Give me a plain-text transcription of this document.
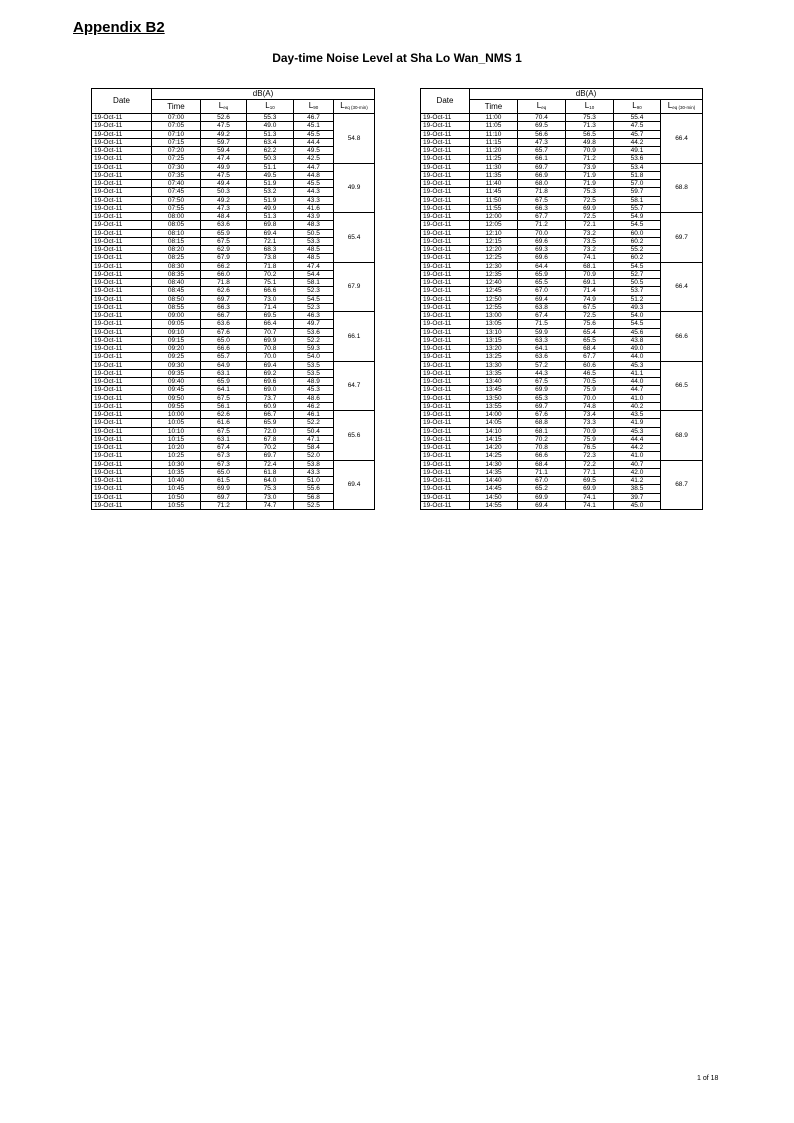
Appendix B2
Day-time Noise Level at Sha Lo Wan_NMS 1
Date	dB(A)				
	Time	$L_{eq}$	$L_{10}$	$L_{90}$	$L_{eq (30-min)}$
19-Oct-11	07:00	52.6	55.3	46.7	54.8
19-Oct-11	07:05	47.5	49.0	45.1	
19-Oct-11	07:10	49.2	51.3	45.5	
19-Oct-11	07:15	59.7	63.4	44.4	
19-Oct-11	07:20	59.4	62.2	49.5	
19-Oct-11	07:25	47.4	50.3	42.5	
19-Oct-11	07:30	49.9	51.1	44.7	49.9
19-Oct-11	07:35	47.5	49.5	44.8	
19-Oct-11	07:40	49.4	51.9	45.5	
19-Oct-11	07:45	50.3	53.2	44.3	
19-Oct-11	07:50	49.2	51.9	43.3	
19-Oct-11	07:55	47.3	49.9	41.6	
19-Oct-11	08:00	48.4	51.3	43.9	65.4
19-Oct-11	08:05	63.6	69.8	48.3	
19-Oct-11	08:10	65.9	69.4	50.5	
19-Oct-11	08:15	67.5	72.1	53.3	
19-Oct-11	08:20	62.9	68.3	48.5	
19-Oct-11	08:25	67.9	73.8	48.5	
19-Oct-11	08:30	66.2	71.8	47.4	67.9
19-Oct-11	08:35	66.0	70.2	54.4	
19-Oct-11	08:40	71.8	75.1	58.1	
19-Oct-11	08:45	62.6	66.6	52.3	
19-Oct-11	08:50	69.7	73.0	54.5	
19-Oct-11	08:55	66.3	71.4	52.3	
19-Oct-11	09:00	66.7	69.5	46.3	66.1
19-Oct-11	09:05	63.6	66.4	49.7	
19-Oct-11	09:10	67.6	70.7	53.6	
19-Oct-11	09:15	65.0	69.9	52.2	
19-Oct-11	09:20	66.6	70.8	59.3	
19-Oct-11	09:25	65.7	70.0	54.0	
19-Oct-11	09:30	64.9	69.4	53.5	64.7
19-Oct-11	09:35	63.1	69.2	53.5	
19-Oct-11	09:40	65.9	69.6	48.9	
19-Oct-11	09:45	64.1	69.0	45.3	
19-Oct-11	09:50	67.5	73.7	48.6	
19-Oct-11	09:55	56.1	60.9	46.2	
19-Oct-11	10:00	62.6	66.7	46.1	65.6
19-Oct-11	10:05	61.6	65.9	52.2	
19-Oct-11	10:10	67.5	72.0	50.4	
19-Oct-11	10:15	63.1	67.8	47.1	
19-Oct-11	10:20	67.4	70.2	58.4	
19-Oct-11	10:25	67.3	69.7	52.0	
19-Oct-11	10:30	67.3	72.4	53.8	69.4
19-Oct-11	10:35	65.0	61.8	43.3	
19-Oct-11	10:40	61.5	64.0	51.0	
19-Oct-11	10:45	69.9	75.3	55.6	
19-Oct-11	10:50	69.7	73.0	56.8	
19-Oct-11	10:55	71.2	74.7	52.5	
Date	dB(A)				
	Time	$L_{eq}$	$L_{10}$	$L_{90}$	$L_{eq (30-min)}$
19-Oct-11	11:00	70.4	75.3	55.4	66.4
19-Oct-11	11:05	69.5	71.3	47.5	
19-Oct-11	11:10	56.6	56.5	45.7	
19-Oct-11	11:15	47.3	49.8	44.2	
19-Oct-11	11:20	65.7	70.9	49.1	
19-Oct-11	11:25	66.1	71.2	53.6	
19-Oct-11	11:30	69.7	73.9	53.4	68.8
19-Oct-11	11:35	66.9	71.9	51.8	
19-Oct-11	11:40	68.0	71.9	57.0	
19-Oct-11	11:45	71.8	75.3	59.7	
19-Oct-11	11:50	67.5	72.5	58.1	
19-Oct-11	11:55	66.3	69.9	55.7	
19-Oct-11	12:00	67.7	72.5	54.9	69.7
19-Oct-11	12:05	71.2	72.1	54.5	
19-Oct-11	12:10	70.0	73.2	60.0	
19-Oct-11	12:15	69.6	73.5	60.2	
19-Oct-11	12:20	69.3	73.2	55.2	
19-Oct-11	12:25	69.6	74.1	60.2	
19-Oct-11	12:30	64.4	68.1	54.5	66.4
19-Oct-11	12:35	65.9	70.9	52.7	
19-Oct-11	12:40	65.5	69.1	50.5	
19-Oct-11	12:45	67.0	71.4	53.7	
19-Oct-11	12:50	69.4	74.9	51.2	
19-Oct-11	12:55	63.8	67.5	49.3	
19-Oct-11	13:00	67.4	72.5	54.0	66.6
19-Oct-11	13:05	71.5	75.6	54.5	
19-Oct-11	13:10	59.9	65.4	45.6	
19-Oct-11	13:15	63.3	65.5	43.8	
19-Oct-11	13:20	64.1	68.4	49.0	
19-Oct-11	13:25	63.6	67.7	44.0	
19-Oct-11	13:30	57.2	60.6	45.3	66.5
19-Oct-11	13:35	44.3	46.5	41.1	
19-Oct-11	13:40	67.5	70.5	44.0	
19-Oct-11	13:45	69.9	75.9	44.7	
19-Oct-11	13:50	65.3	70.0	41.0	
19-Oct-11	13:55	69.7	74.8	40.2	
19-Oct-11	14:00	67.6	73.4	43.5	68.9
19-Oct-11	14:05	68.8	73.3	41.9	
19-Oct-11	14:10	68.1	70.9	45.3	
19-Oct-11	14:15	70.2	75.9	44.4	
19-Oct-11	14:20	70.8	76.5	44.2	
19-Oct-11	14:25	66.6	72.3	41.0	
19-Oct-11	14:30	68.4	72.2	40.7	68.7
19-Oct-11	14:35	71.1	77.1	42.0	
19-Oct-11	14:40	67.0	69.5	41.2	
19-Oct-11	14:45	65.2	69.9	38.5	
19-Oct-11	14:50	69.9	74.1	39.7	
19-Oct-11	14:55	69.4	74.1	45.0	
1 of 18
